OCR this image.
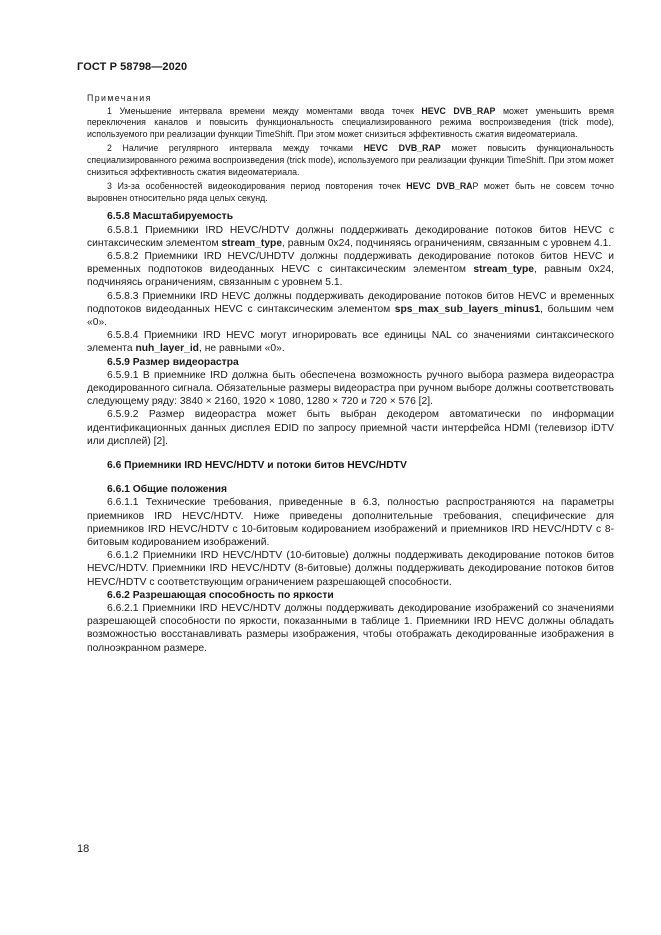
ГОСТ Р 58798—2020

Примечания

1 Уменьшение интервала времени между моментами ввода точек HEVC DVB_RAP может уменьшить время переключения каналов и повысить функциональность специализированного режима воспроизведения (trick mode), используемого при реализации функции TimeShift. При этом может снизиться эффективность сжатия видеоматериала.

2 Наличие регулярного интервала между точками HEVC DVB_RAP может повысить функциональность специализированного режима воспроизведения (trick mode), используемого при реализации функции TimeShift. При этом может снизиться эффективность сжатия видеоматериала.

3 Из-за особенностей видеокодирования период повторения точек HEVC DVB_RAP может быть не совсем точно выровнен относительно ряда целых секунд.

6.5.8 Масштабируемость

6.5.8.1 Приемники IRD HEVC/HDTV должны поддерживать декодирование потоков битов HEVC с синтаксическим элементом stream_type, равным 0x24, подчиняясь ограничениям, связанным с уровнем 4.1.

6.5.8.2 Приемники IRD HEVC/UHDTV должны поддерживать декодирование потоков битов HEVC и временных подпотоков видеоданных HEVC с синтаксическим элементом stream_type, равным 0x24, подчиняясь ограничениям, связанным с уровнем 5.1.

6.5.8.3 Приемники IRD HEVC должны поддерживать декодирование потоков битов HEVC и временных подпотоков видеоданных HEVC с синтаксическим элементом sps_max_sub_layers_minus1, большим чем «0».

6.5.8.4 Приемники IRD HEVC могут игнорировать все единицы NAL со значениями синтаксического элемента nuh_layer_id, не равными «0».

6.5.9 Размер видеорастра

6.5.9.1 В приемнике IRD должна быть обеспечена возможность ручного выбора размера видеорастра декодированного сигнала. Обязательные размеры видеорастра при ручном выборе должны соответствовать следующему ряду: 3840 × 2160, 1920 × 1080, 1280 × 720 и 720 × 576 [2].

6.5.9.2 Размер видеорастра может быть выбран декодером автоматически по информации идентификационных данных дисплея EDID по запросу приемной части интерфейса HDMI (телевизор iDTV или дисплей) [2].

6.6 Приемники IRD HEVC/HDTV и потоки битов HEVC/HDTV

6.6.1 Общие положения

6.6.1.1 Технические требования, приведенные в 6.3, полностью распространяются на параметры приемников IRD HEVC/HDTV. Ниже приведены дополнительные требования, специфические для приемников IRD HEVC/HDTV с 10-битовым кодированием изображений и приемников IRD HEVC/HDTV с 8-битовым кодированием изображений.

6.6.1.2 Приемники IRD HEVC/HDTV (10-битовые) должны поддерживать декодирование потоков битов HEVC/HDTV. Приемники IRD HEVC/HDTV (8-битовые) должны поддерживать декодирование потоков битов HEVC/HDTV с соответствующим ограничением разрешающей способности.

6.6.2 Разрешающая способность по яркости

6.6.2.1 Приемники IRD HEVC/HDTV должны поддерживать декодирование изображений со значениями разрешающей способности по яркости, показанными в таблице 1. Приемники IRD HEVC должны обладать возможностью восстанавливать размеры изображения, чтобы отображать декодированные изображения в полноэкранном размере.

18
